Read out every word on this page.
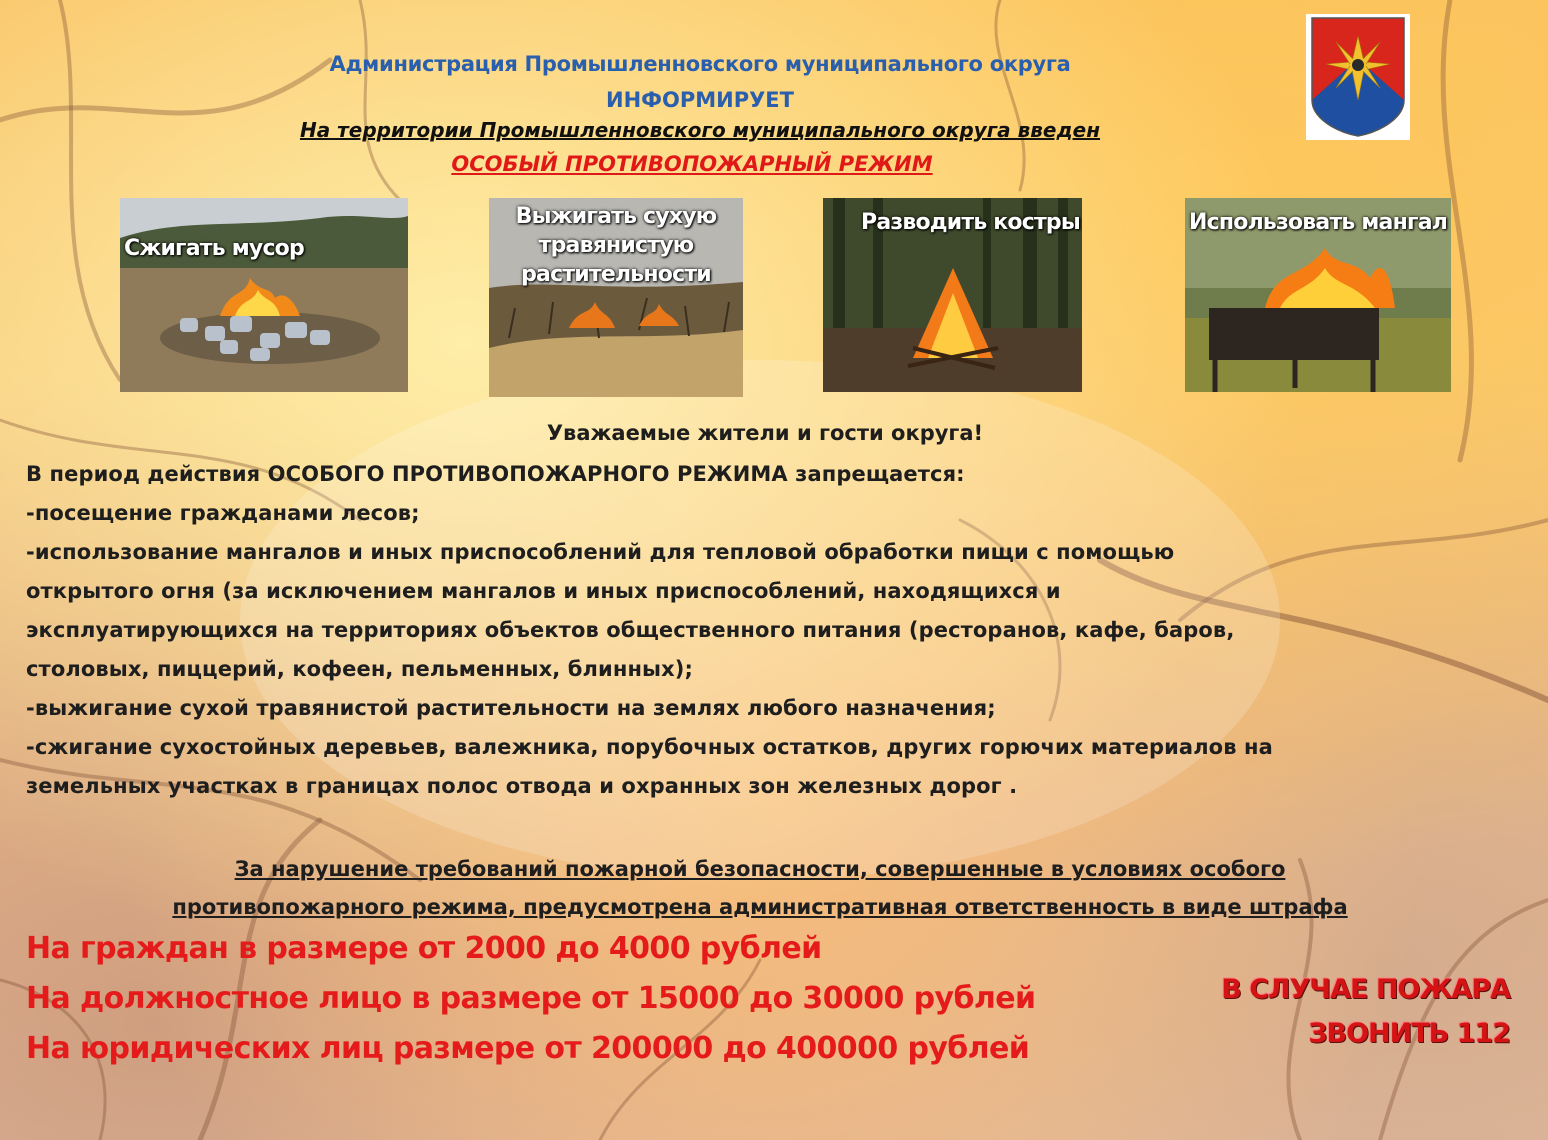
Администрация Промышленновского муниципального округа
ИНФОРМИРУЕТ
На территории Промышленновского муниципального округа введен
ОСОБЫЙ ПРОТИВОПОЖАРНЫЙ РЕЖИМ
Сжигать мусор
Выжигать сухую
травянистую
растительности
Разводить костры	Использовать мангал
Уважаемые жители и гости округа!
В период действия ОСОБОГО ПРОТИВОПОЖАРНОГО РЕЖИМА запрещается:
-посещение гражданами лесов;
-использование мангалов и иных приспособлений для тепловой обработки пищи с помощью
открытого огня (за исключением мангалов и иных приспособлений, находящихся и
эксплуатирующихся на территориях объектов общественного питания (ресторанов, кафе, баров,
столовых, пиццерий, кофеен, пельменных, блинных);
-выжигание сухой травянистой растительности на землях любого назначения;
-сжигание сухостойных деревьев, валежника, порубочных остатков, других горючих материалов на
земельных участках в границах полос отвода и охранных зон железных дорог .
За нарушение требований пожарной безопасности, совершенные в условиях особого
противопожарного режима, предусмотрена административная ответственность в виде штрафа
На граждан в размере от 2000 до 4000 рублей
На должностное лицо в размере от 15000 до 30000 рублей
На юридических лиц размере от 200000 до 400000 рублей
В СЛУЧАЕ ПОЖАРА
ЗВОНИТЬ 112
